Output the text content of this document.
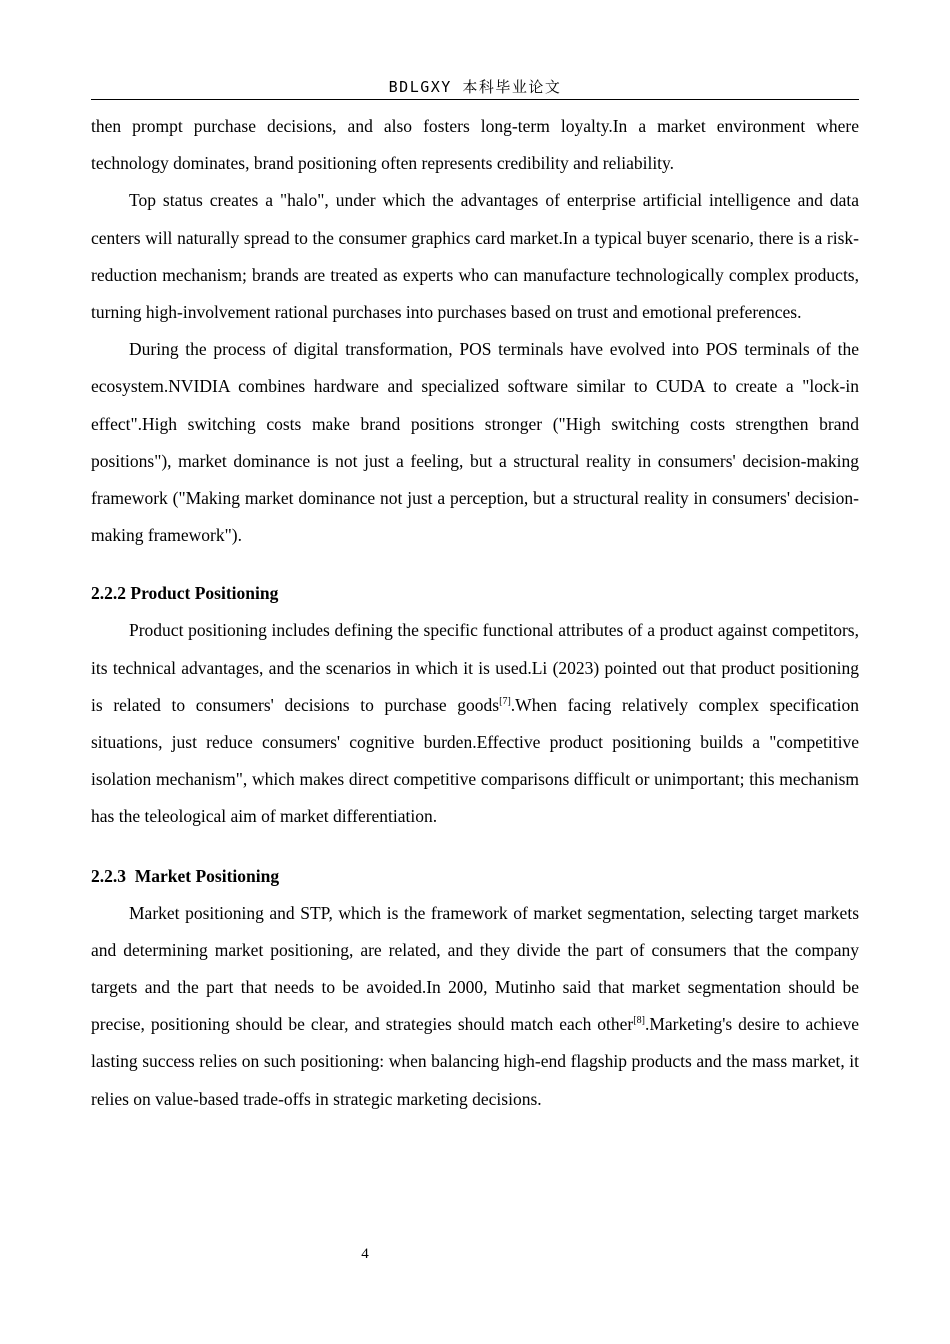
BDLGXY 本科毕业论文

then prompt purchase decisions, and also fosters long-term loyalty.In a market environment where technology dominates, brand positioning often represents credibility and reliability.

Top status creates a "halo", under which the advantages of enterprise artificial intelligence and data centers will naturally spread to the consumer graphics card market.In a typical buyer scenario, there is a risk-reduction mechanism; brands are treated as experts who can manufacture technologically complex products, turning high-involvement rational purchases into purchases based on trust and emotional preferences.

During the process of digital transformation, POS terminals have evolved into POS terminals of the ecosystem.NVIDIA combines hardware and specialized software similar to CUDA to create a "lock-in effect".High switching costs make brand positions stronger ("High switching costs strengthen brand positions"), market dominance is not just a feeling, but a structural reality in consumers' decision-making framework ("Making market dominance not just a perception, but a structural reality in consumers' decision-making framework").

2.2.2 Product Positioning

Product positioning includes defining the specific functional attributes of a product against competitors, its technical advantages, and the scenarios in which it is used.Li (2023) pointed out that product positioning is related to consumers' decisions to purchase goods[7].When facing relatively complex specification situations, just reduce consumers' cognitive burden.Effective product positioning builds a "competitive isolation mechanism", which makes direct competitive comparisons difficult or unimportant; this mechanism has the teleological aim of market differentiation.

2.2.3  Market Positioning

Market positioning and STP, which is the framework of market segmentation, selecting target markets and determining market positioning, are related, and they divide the part of consumers that the company targets and the part that needs to be avoided.In 2000, Mutinho said that market segmentation should be precise, positioning should be clear, and strategies should match each other[8].Marketing's desire to achieve lasting success relies on such positioning: when balancing high-end flagship products and the mass market, it relies on value-based trade-offs in strategic marketing decisions.

4
